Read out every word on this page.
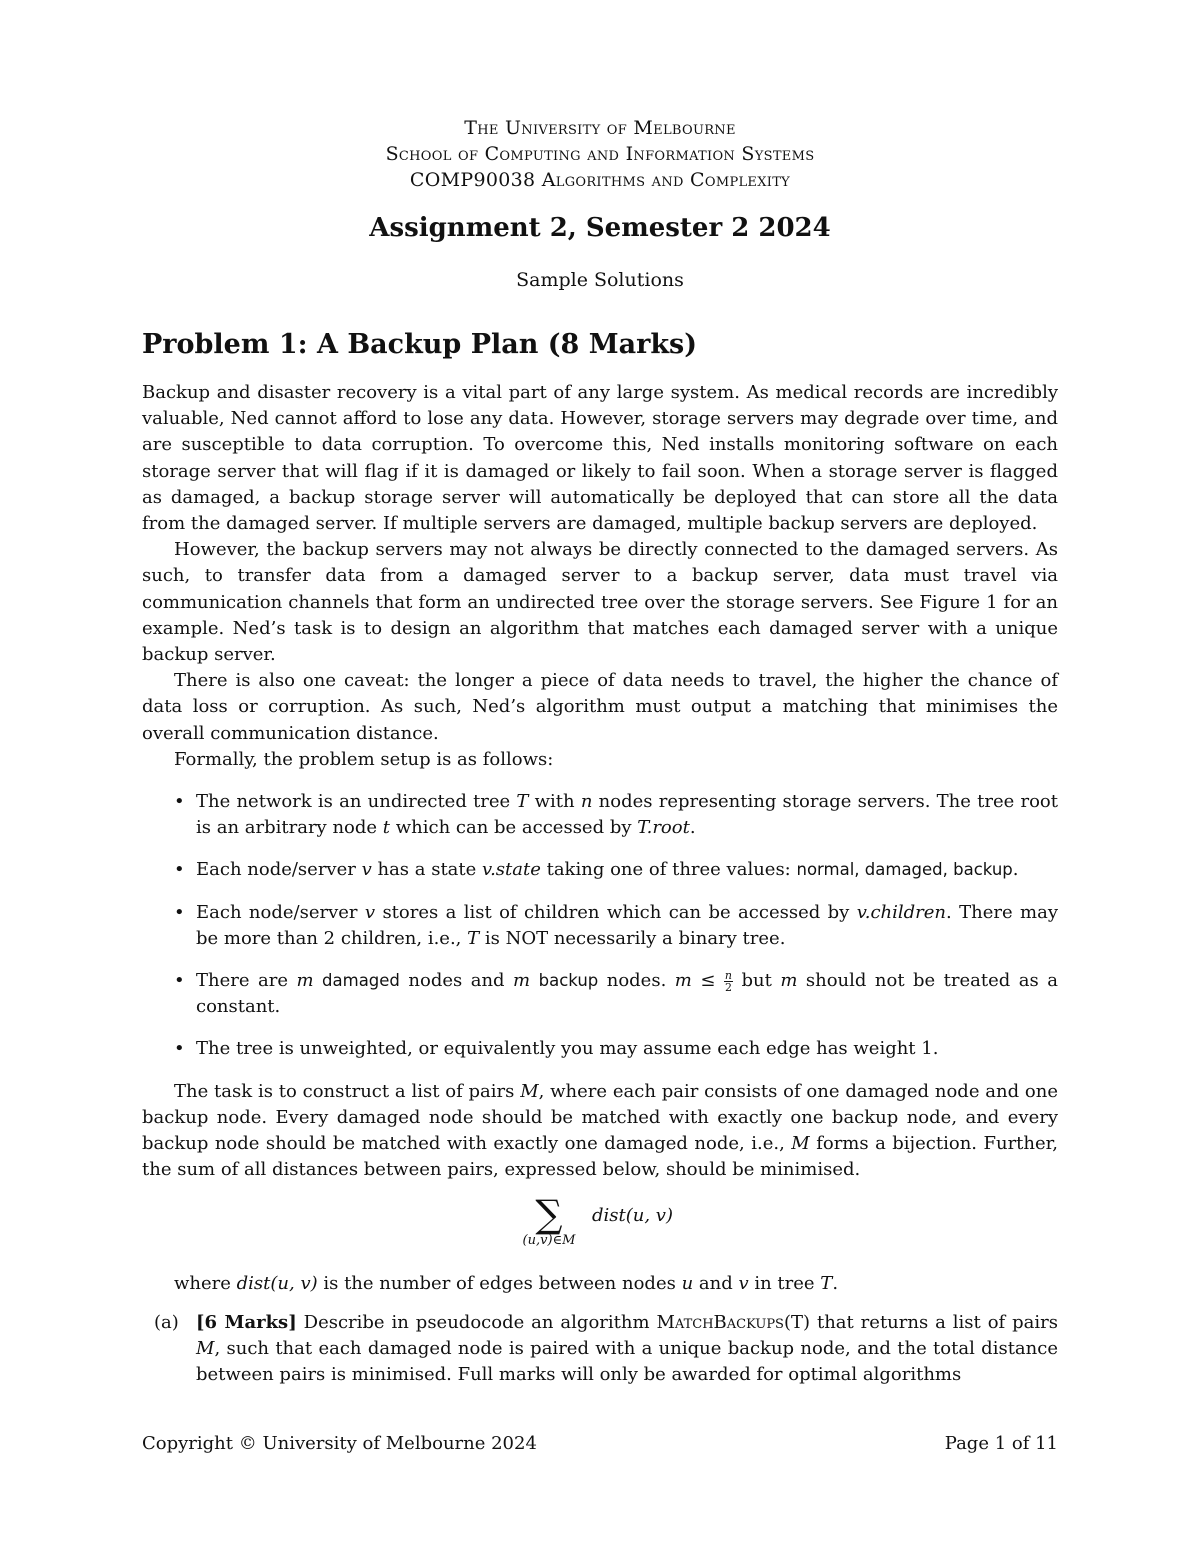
The University of Melbourne
School of Computing and Information Systems
COMP90038 Algorithms and Complexity
Assignment 2, Semester 2 2024
Sample Solutions
Problem 1: A Backup Plan (8 Marks)

Backup and disaster recovery is a vital part of any large system. As medical records are incredibly valuable, Ned cannot afford to lose any data. However, storage servers may degrade over time, and are susceptible to data corruption. To overcome this, Ned installs monitoring software on each storage server that will flag if it is damaged or likely to fail soon. When a storage server is flagged as damaged, a backup storage server will automatically be deployed that can store all the data from the damaged server. If multiple servers are damaged, multiple backup servers are deployed.

However, the backup servers may not always be directly connected to the damaged servers. As such, to transfer data from a damaged server to a backup server, data must travel via communication channels that form an undirected tree over the storage servers. See Figure 1 for an example. Ned’s task is to design an algorithm that matches each damaged server with a unique backup server.

There is also one caveat: the longer a piece of data needs to travel, the higher the chance of data loss or corruption. As such, Ned’s algorithm must output a matching that minimises the overall communication distance.

Formally, the problem setup is as follows:

• The network is an undirected tree T with n nodes representing storage servers. The tree root is an arbitrary node t which can be accessed by T.root.
• Each node/server v has a state v.state taking one of three values: normal, damaged, backup.
• Each node/server v stores a list of children which can be accessed by v.children. There may be more than 2 children, i.e., T is NOT necessarily a binary tree.
• There are m damaged nodes and m backup nodes. $m \le \frac{n}{2}$ but m should not be treated as a constant.
• The tree is unweighted, or equivalently you may assume each edge has weight 1.

The task is to construct a list of pairs M, where each pair consists of one damaged node and one backup node. Every damaged node should be matched with exactly one backup node, and every backup node should be matched with exactly one damaged node, i.e., M forms a bijection. Further, the sum of all distances between pairs, expressed below, should be minimised.

∑
(u,v)∈M
dist(u, v)

where dist(u, v) is the number of edges between nodes u and v in tree T.

(a) [6 Marks] Describe in pseudocode an algorithm MatchBackups(T) that returns a list of pairs M, such that each damaged node is paired with a unique backup node, and the total distance between pairs is minimised. Full marks will only be awarded for optimal algorithms
Copyright © University of Melbourne 2024	Page 1 of 11
